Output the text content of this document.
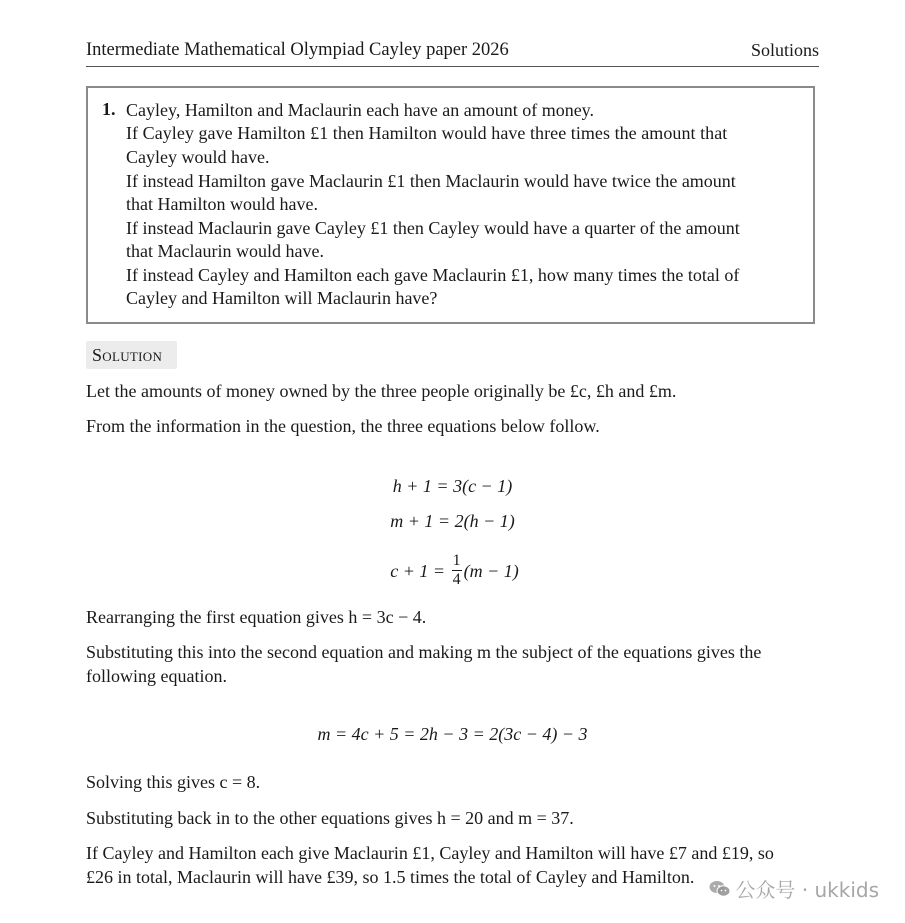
Intermediate Mathematical Olympiad Cayley paper 2026	Solutions
1. Cayley, Hamilton and Maclaurin each have an amount of money.
If Cayley gave Hamilton £1 then Hamilton would have three times the amount that
Cayley would have.
If instead Hamilton gave Maclaurin £1 then Maclaurin would have twice the amount
that Hamilton would have.
If instead Maclaurin gave Cayley £1 then Cayley would have a quarter of the amount
that Maclaurin would have.
If instead Cayley and Hamilton each gave Maclaurin £1, how many times the total of
Cayley and Hamilton will Maclaurin have?
Solution
Let the amounts of money owned by the three people originally be £c, £h and £m.
From the information in the question, the three equations below follow.
h + 1 = 3(c − 1)
m + 1 = 2(h − 1)
$c + 1 = \frac{1}{4} (m - 1)$
Rearranging the first equation gives h = 3c − 4.
Substituting this into the second equation and making m the subject of the equations gives the
following equation.
m = 4c + 5 = 2h − 3 = 2(3c − 4) − 3
Solving this gives c = 8.
Substituting back in to the other equations gives h = 20 and m = 37.
If Cayley and Hamilton each give Maclaurin £1, Cayley and Hamilton will have £7 and £19, so
£26 in total, Maclaurin will have £39, so 1.5 times the total of Cayley and Hamilton.
公众号 · ukkids
